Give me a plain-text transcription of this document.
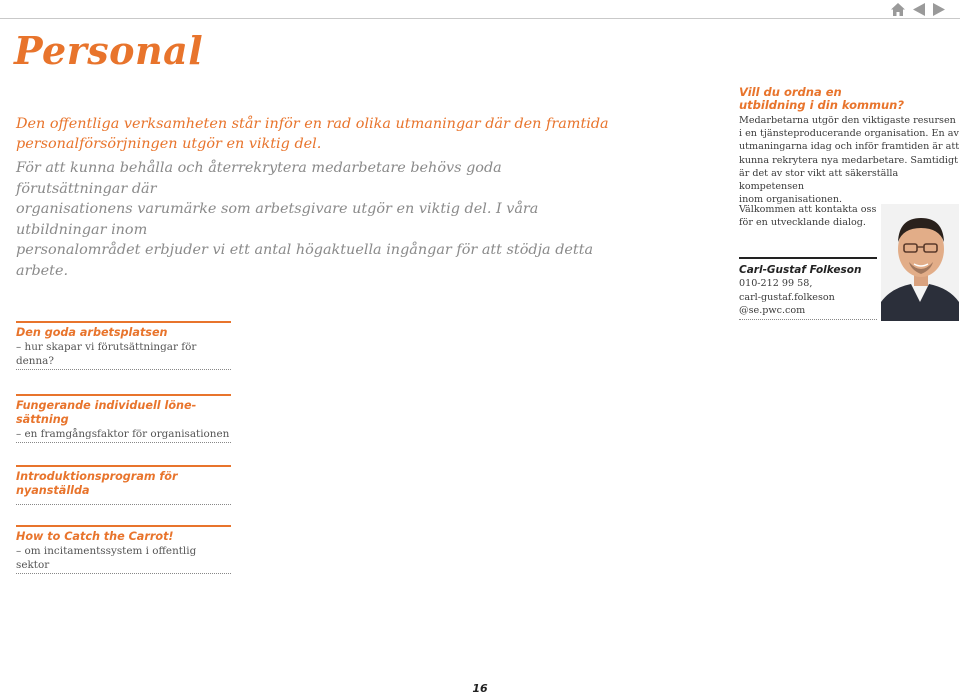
Personal

Den offentliga verksamheten står inför en rad olika utmaningar där den framtida

personalförsörjningen utgör en viktig del.

För att kunna behålla och återrekrytera medarbetare behövs goda förutsättningar där

organisationens varumärke som arbetsgivare utgör en viktig del. I våra utbildningar inom

personalområdet erbjuder vi ett antal högaktuella ingångar för att stödja detta arbete.

Vill du ordna en
utbildning i din kommun?

Medarbetarna utgör den viktigaste resursen
i en tjänsteproducerande organisation. En av
utmaningarna idag och inför framtiden är att
kunna rekrytera nya medarbetare. Samtidigt
är det av stor vikt att säkerställa kompetensen
inom organisationen.

Välkommen att kontakta oss
för en utvecklande dialog.

Carl-Gustaf Folkeson

010-212 99 58,

carl-gustaf.folkeson
@se.pwc.com

Den goda arbetsplatsen

– hur skapar vi förutsättningar för
denna?

Fungerande individuell löne-
sättning

– en framgångsfaktor för organisationen

Introduktionsprogram för
nyanställda

How to Catch the Carrot!

– om incitamentssystem i offentlig sektor

16
